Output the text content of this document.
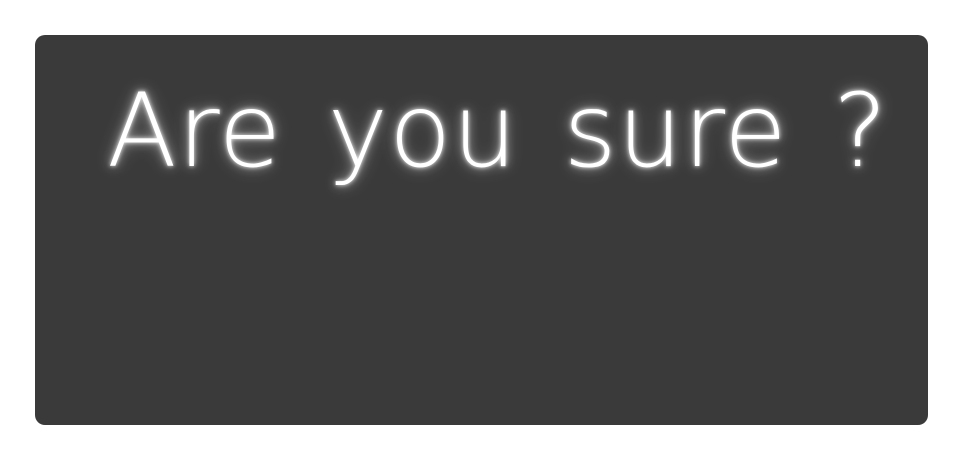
Are you sure ?
